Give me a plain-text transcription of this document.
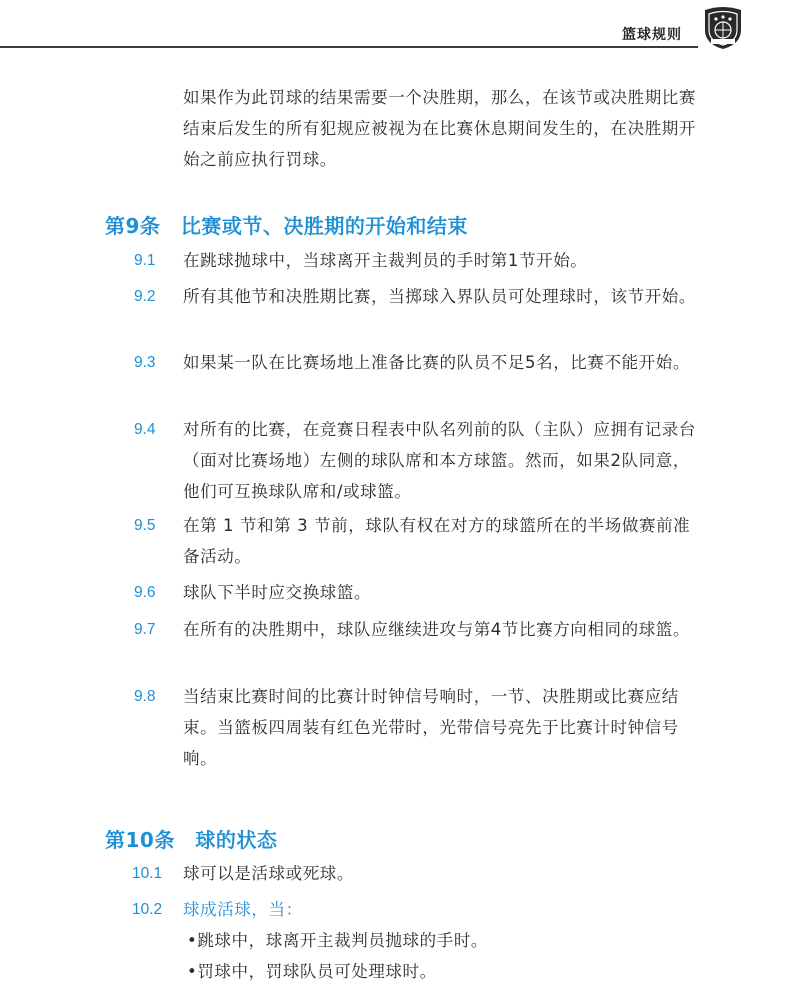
篮球规则
如果作为此罚球的结果需要一个决胜期，那么，在该节或决胜期比赛结束后发生的所有犯规应被视为在比赛休息期间发生的，在决胜期开始之前应执行罚球。
第9条　比赛或节、决胜期的开始和结束
9.1 在跳球抛球中，当球离开主裁判员的手时第1节开始。
9.2 所有其他节和决胜期比赛，当掷球入界队员可处理球时，该节开始。
9.3 如果某一队在比赛场地上准备比赛的队员不足5名，比赛不能开始。
9.4 对所有的比赛，在竞赛日程表中队名列前的队（主队）应拥有记录台（面对比赛场地）左侧的球队席和本方球篮。然而，如果2队同意，他们可互换球队席和/或球篮。
9.5 在第 1 节和第 3 节前，球队有权在对方的球篮所在的半场做赛前准备活动。
9.6 球队下半时应交换球篮。
9.7 在所有的决胜期中，球队应继续进攻与第4节比赛方向相同的球篮。
9.8 当结束比赛时间的比赛计时钟信号响时，一节、决胜期或比赛应结束。当篮板四周装有红色光带时，光带信号亮先于比赛计时钟信号响。
第10条　球的状态
10.1 球可以是活球或死球。
10.2 球成活球，当：
•跳球中，球离开主裁判员抛球的手时。
•罚球中，罚球队员可处理球时。
